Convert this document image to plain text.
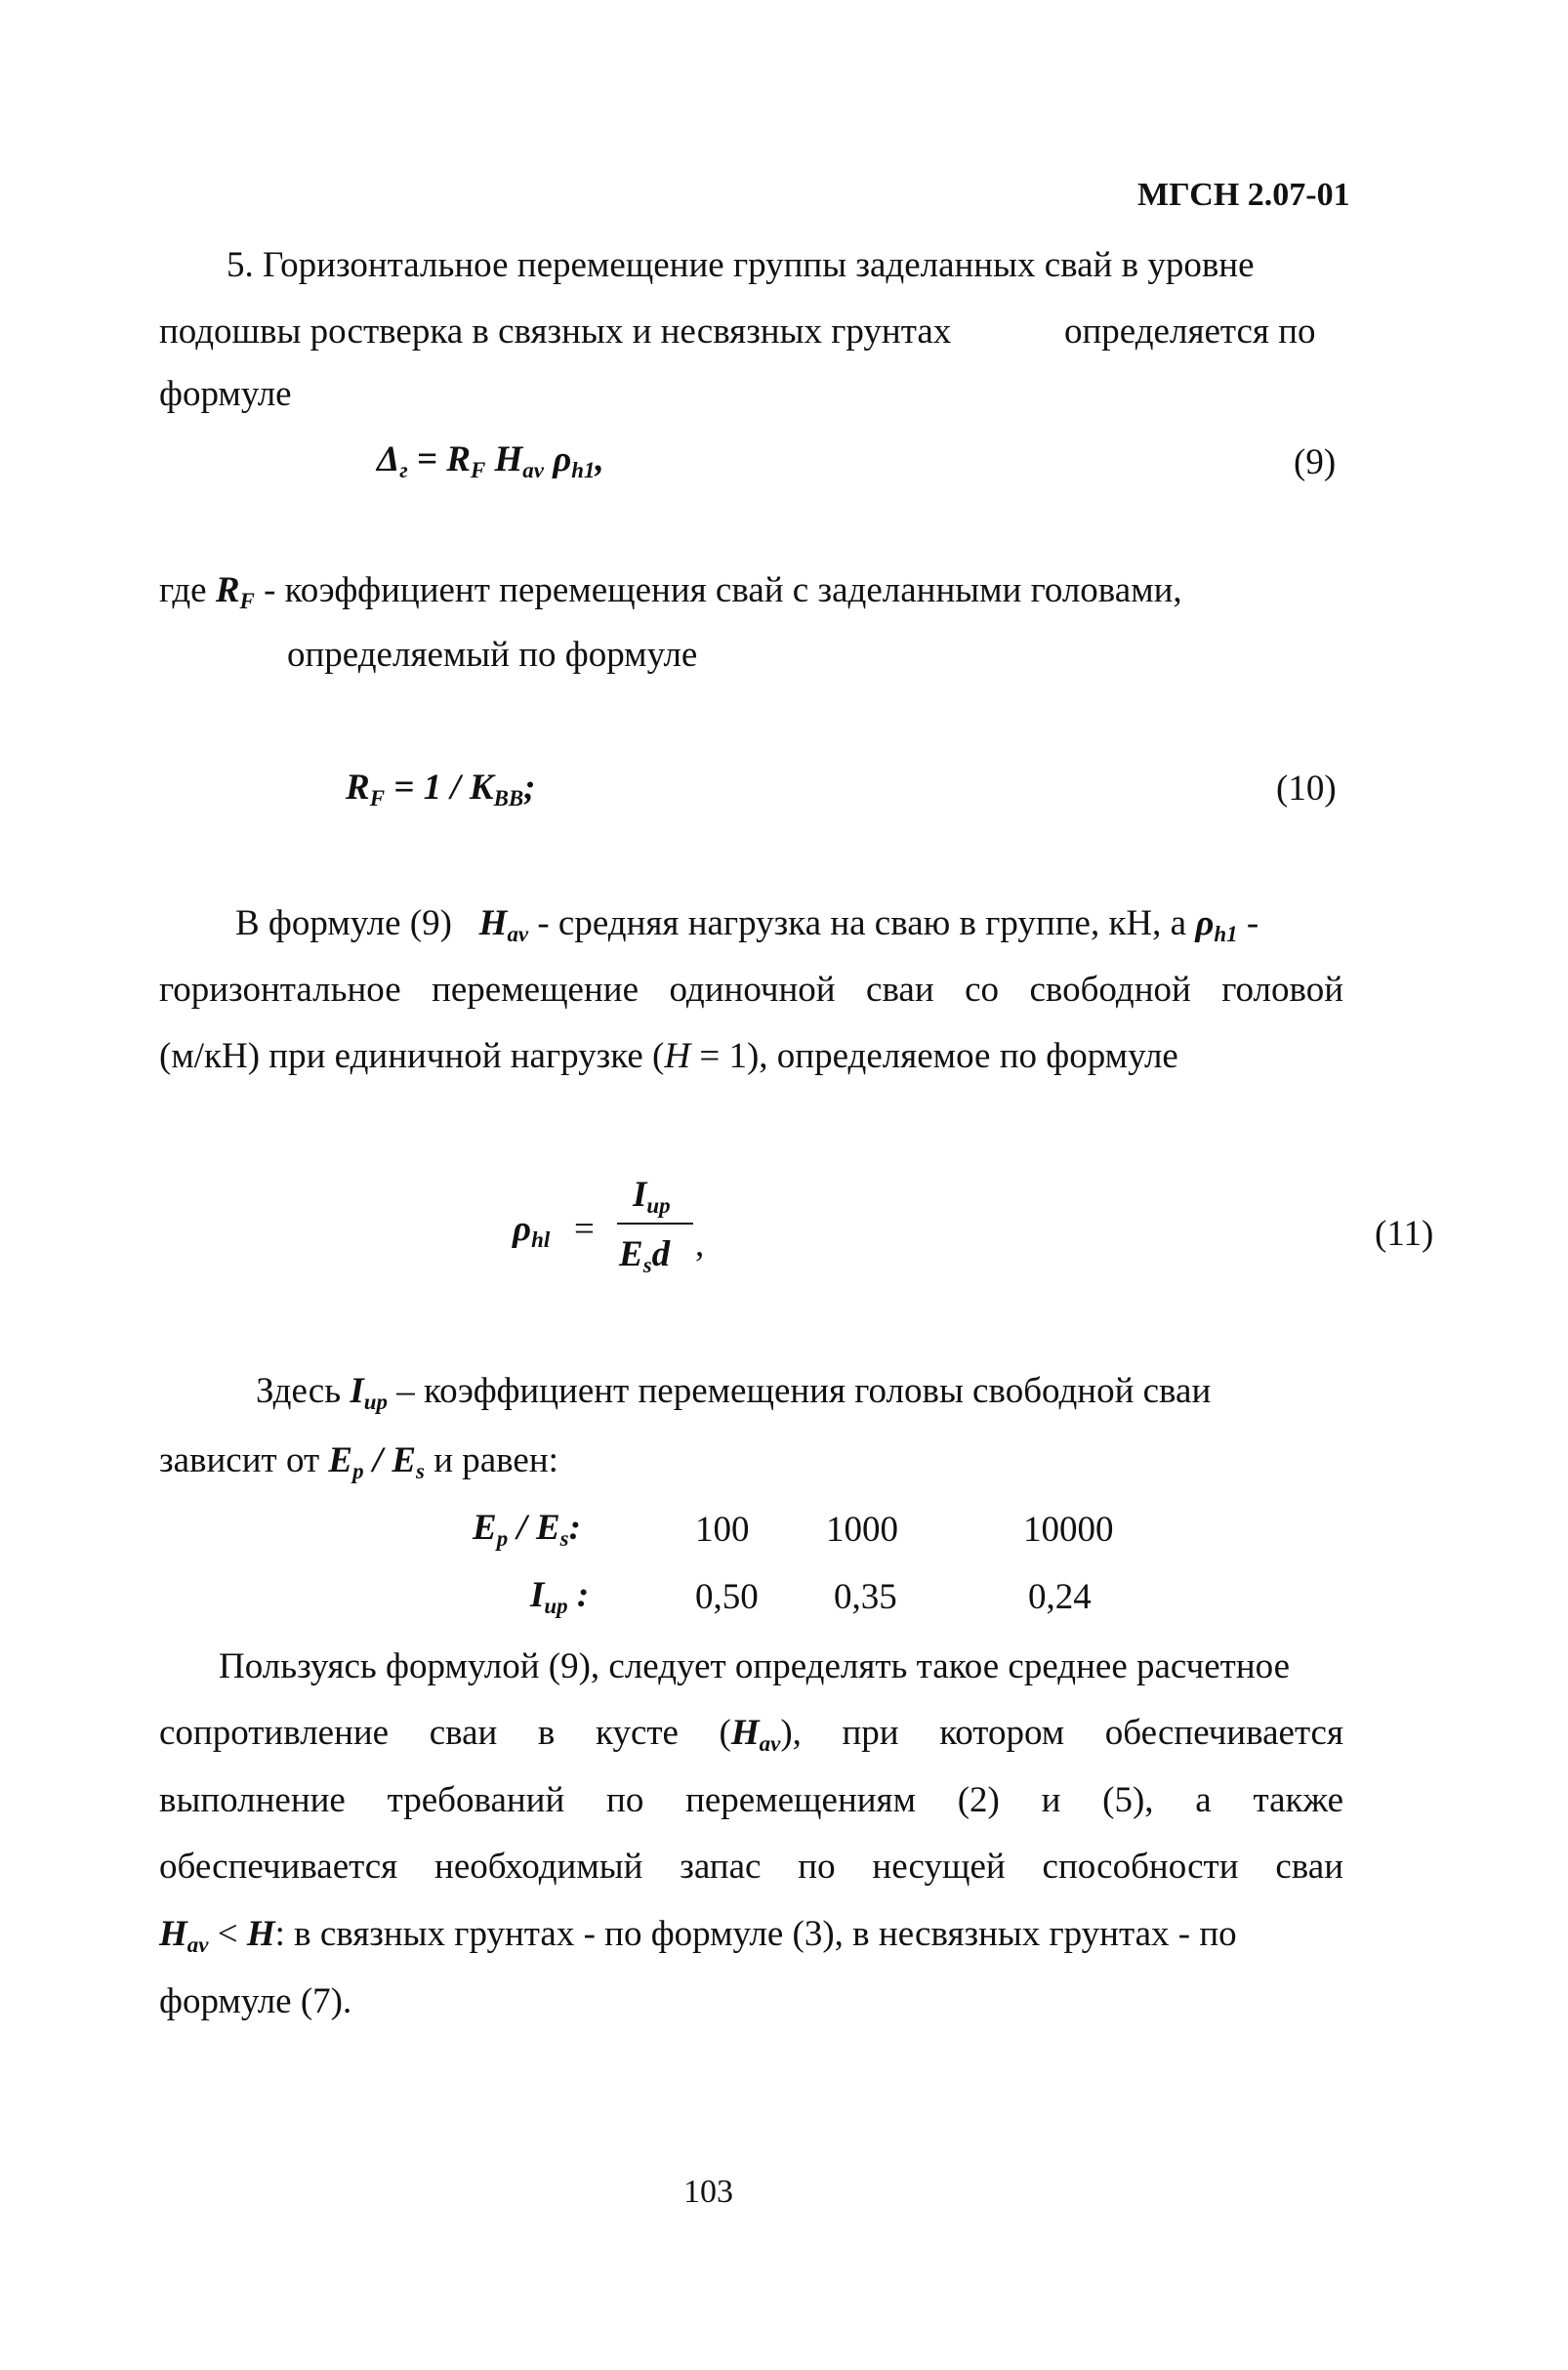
МГСН 2.07-01
5. Горизонтальное перемещение группы заделанных свай в уровне
подошвы ростверка в связных и несвязных грунтах	определяется по
формуле
$\Delta_г = R_F$ $H_{av}$ $\rho_{h1}$,	(9)
где $R_F$ - коэффициент перемещения свай с заделанными головами,
определяемый по формуле
$R_F = 1 / K_{BB}$;	(10)
В формуле (9) $H_{av}$ - средняя нагрузка на сваю в группе, кН, а $\rho_{h1}$ -
горизонтальное перемещение одиночной сваи со свободной головой
(м/кН) при единичной нагрузке (H = 1), определяемое по формуле
$\rho_{hl}$ =
$I_{up}$
$E_sd$ ,	(11)
Здесь $I_{up}$ – коэффициент перемещения головы свободной сваи
зависит от $E_p / E_s$ и равен:
$E_p / E_s$:	100 1000	10000
$I_{up}$ :	0,50 0,35	0,24
Пользуясь формулой (9), следует определять такое среднее расчетное
сопротивление сваи в кусте $(H_{av})$, при котором обеспечивается
выполнение требований по перемещениям (2) и (5), а также
обеспечивается необходимый запас по несущей способности сваи
$H_{av} < H$: в связных грунтах - по формуле (3), в несвязных грунтах - по
формуле (7).
103
